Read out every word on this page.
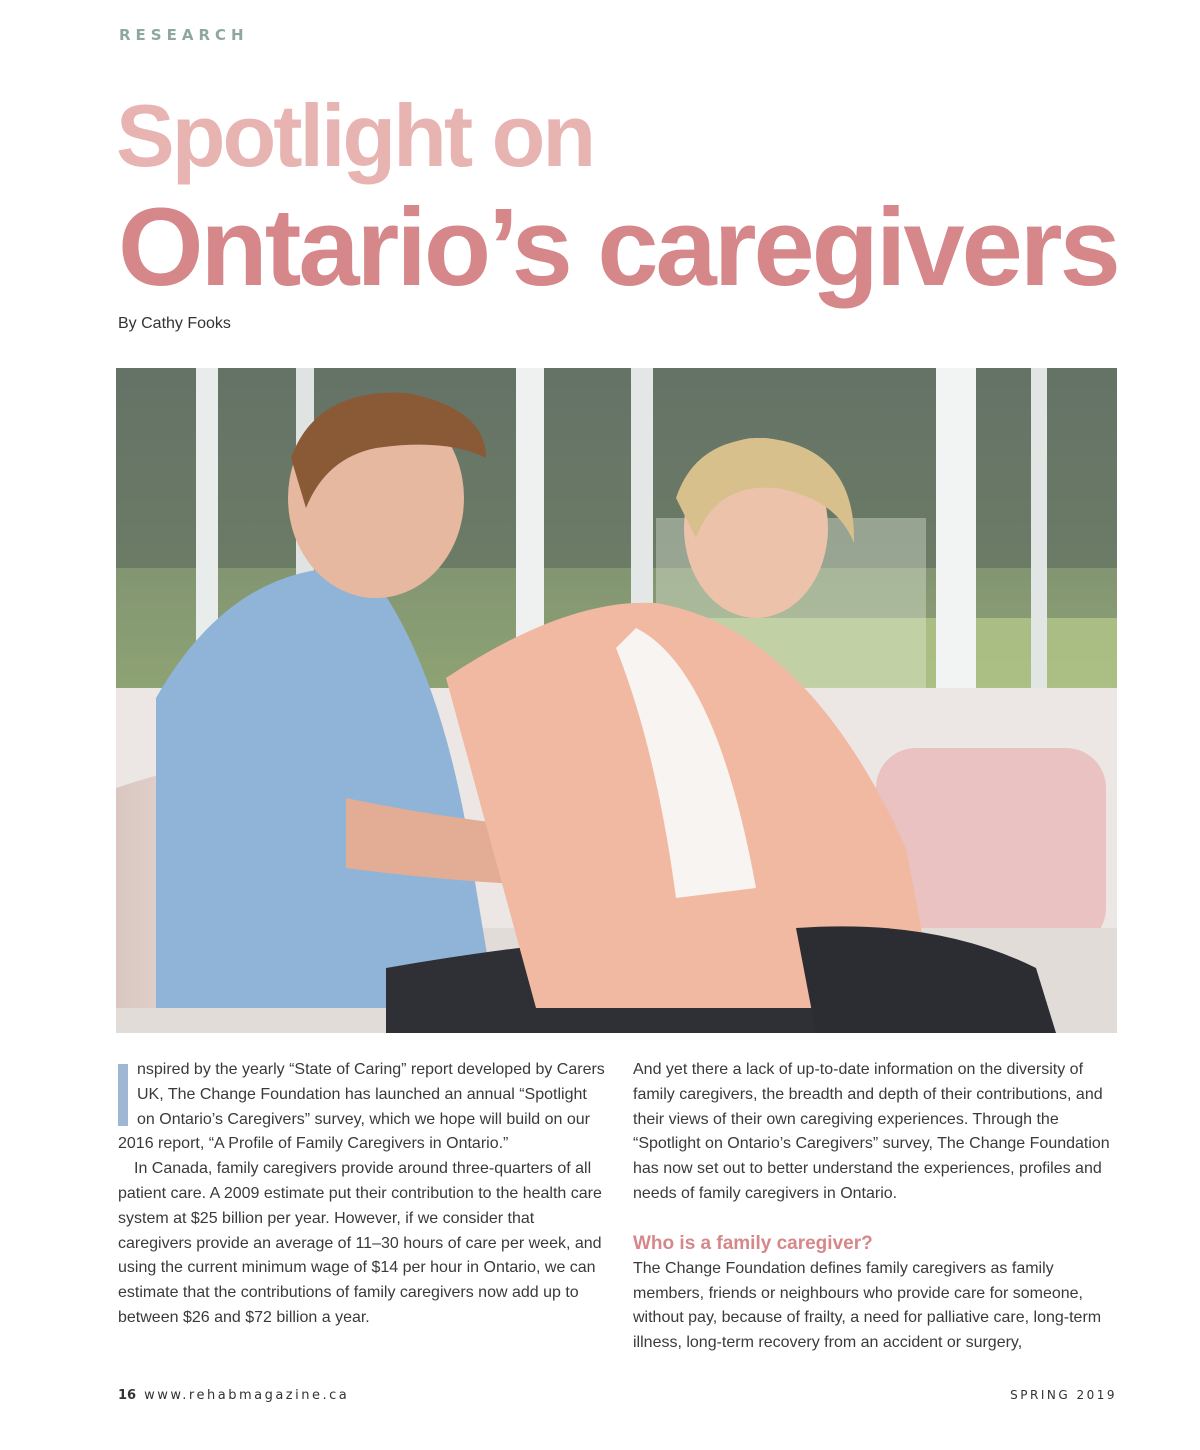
RESEARCH
Spotlight on
Ontario’s caregivers
By Cathy Fooks

nspired by the yearly “State of Caring” report developed by Carers UK, The Change Foundation has launched an annual “Spotlight on Ontario’s Caregivers” survey, which we hope will build on our 2016 report, “A Profile of Family Caregivers in Ontario.”

In Canada, family caregivers provide around three-quarters of all patient care. A 2009 estimate put their contribution to the health care system at $25 billion per year. However, if we consider that caregivers provide an average of 11–30 hours of care per week, and using the current minimum wage of $14 per hour in Ontario, we can estimate that the contributions of family caregivers now add up to between $26 and $72 billion a year.

And yet there a lack of up-to-date information on the diversity of family caregivers, the breadth and depth of their contributions, and their views of their own caregiving experiences. Through the “Spotlight on Ontario’s Caregivers” survey, The Change Foundation has now set out to better understand the experiences, profiles and needs of family caregivers in Ontario.

Who is a family caregiver?

The Change Foundation defines family caregivers as family members, friends or neighbours who provide care for someone, without pay, because of frailty, a need for palliative care, long-term illness, long-term recovery from an accident or surgery,

16 www.rehabmagazine.ca	SPRING 2019
